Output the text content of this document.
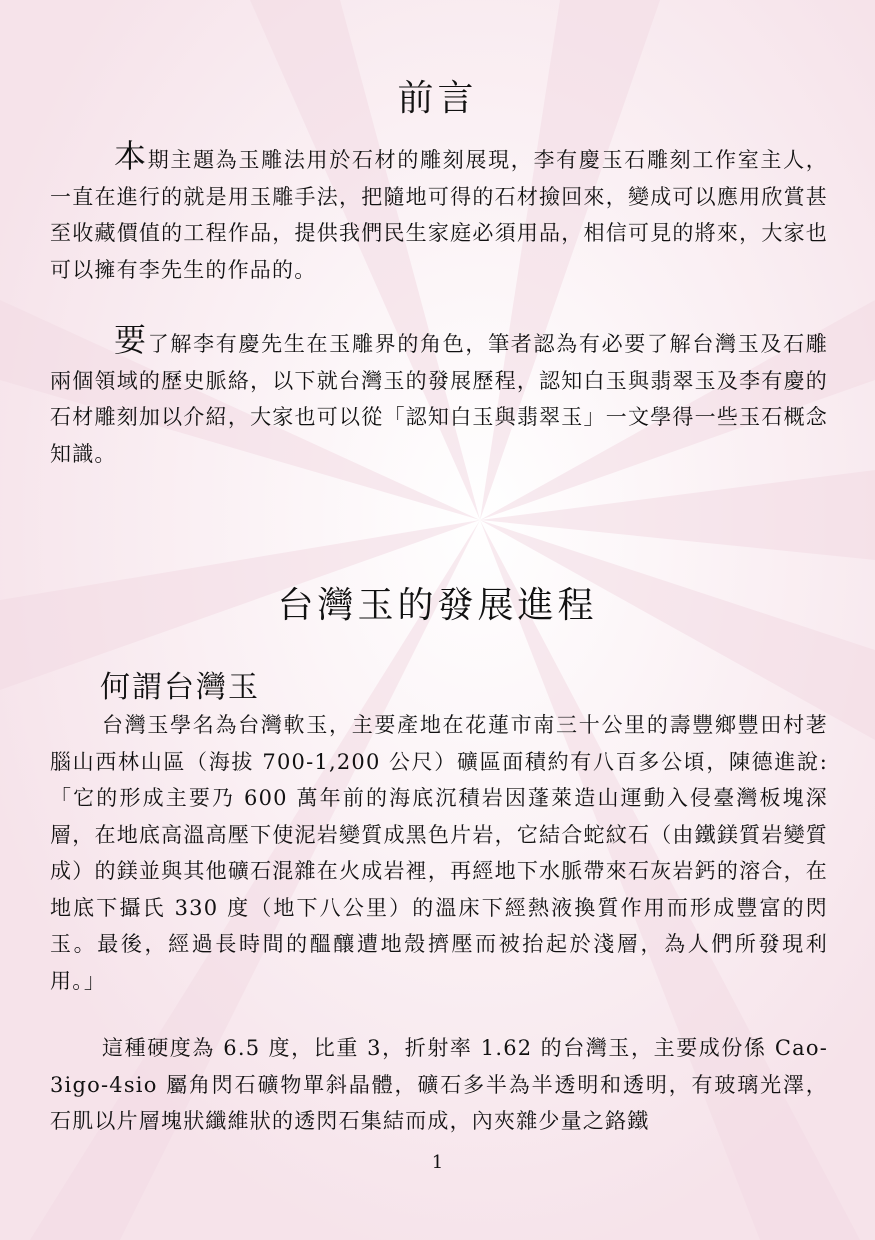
前言

本期主題為玉雕法用於石材的雕刻展現，李有慶玉石雕刻工作室主人，一直在進行的就是用玉雕手法，把隨地可得的石材撿回來，變成可以應用欣賞甚至收藏價值的工程作品，提供我們民生家庭必須用品，相信可見的將來，大家也可以擁有李先生的作品的。

要了解李有慶先生在玉雕界的角色，筆者認為有必要了解台灣玉及石雕兩個領域的歷史脈絡，以下就台灣玉的發展歷程，認知白玉與翡翠玉及李有慶的石材雕刻加以介紹，大家也可以從「認知白玉與翡翠玉」一文學得一些玉石概念知識。

台灣玉的發展進程
何謂台灣玉

台灣玉學名為台灣軟玉，主要產地在花蓮市南三十公里的壽豐鄉豐田村荖腦山西林山區（海拔 700-1,200 公尺）礦區面積約有八百多公頃，陳德進說:「它的形成主要乃 600 萬年前的海底沉積岩因蓬萊造山運動入侵臺灣板塊深層，在地底高溫高壓下使泥岩變質成黑色片岩，它結合蛇紋石（由鐵鎂質岩變質成）的鎂並與其他礦石混雜在火成岩裡，再經地下水脈帶來石灰岩鈣的溶合，在地底下攝氏 330 度（地下八公里）的溫床下經熱液換質作用而形成豐富的閃玉。最後，經過長時間的醞釀遭地殼擠壓而被抬起於淺層，為人們所發現利用。」

這種硬度為 6.5 度，比重 3，折射率 1.62 的台灣玉，主要成份係 Cao-3igo-4sio 屬角閃石礦物單斜晶體，礦石多半為半透明和透明，有玻璃光澤，石肌以片層塊狀纖維狀的透閃石集結而成，內夾雜少量之鉻鐵

1
